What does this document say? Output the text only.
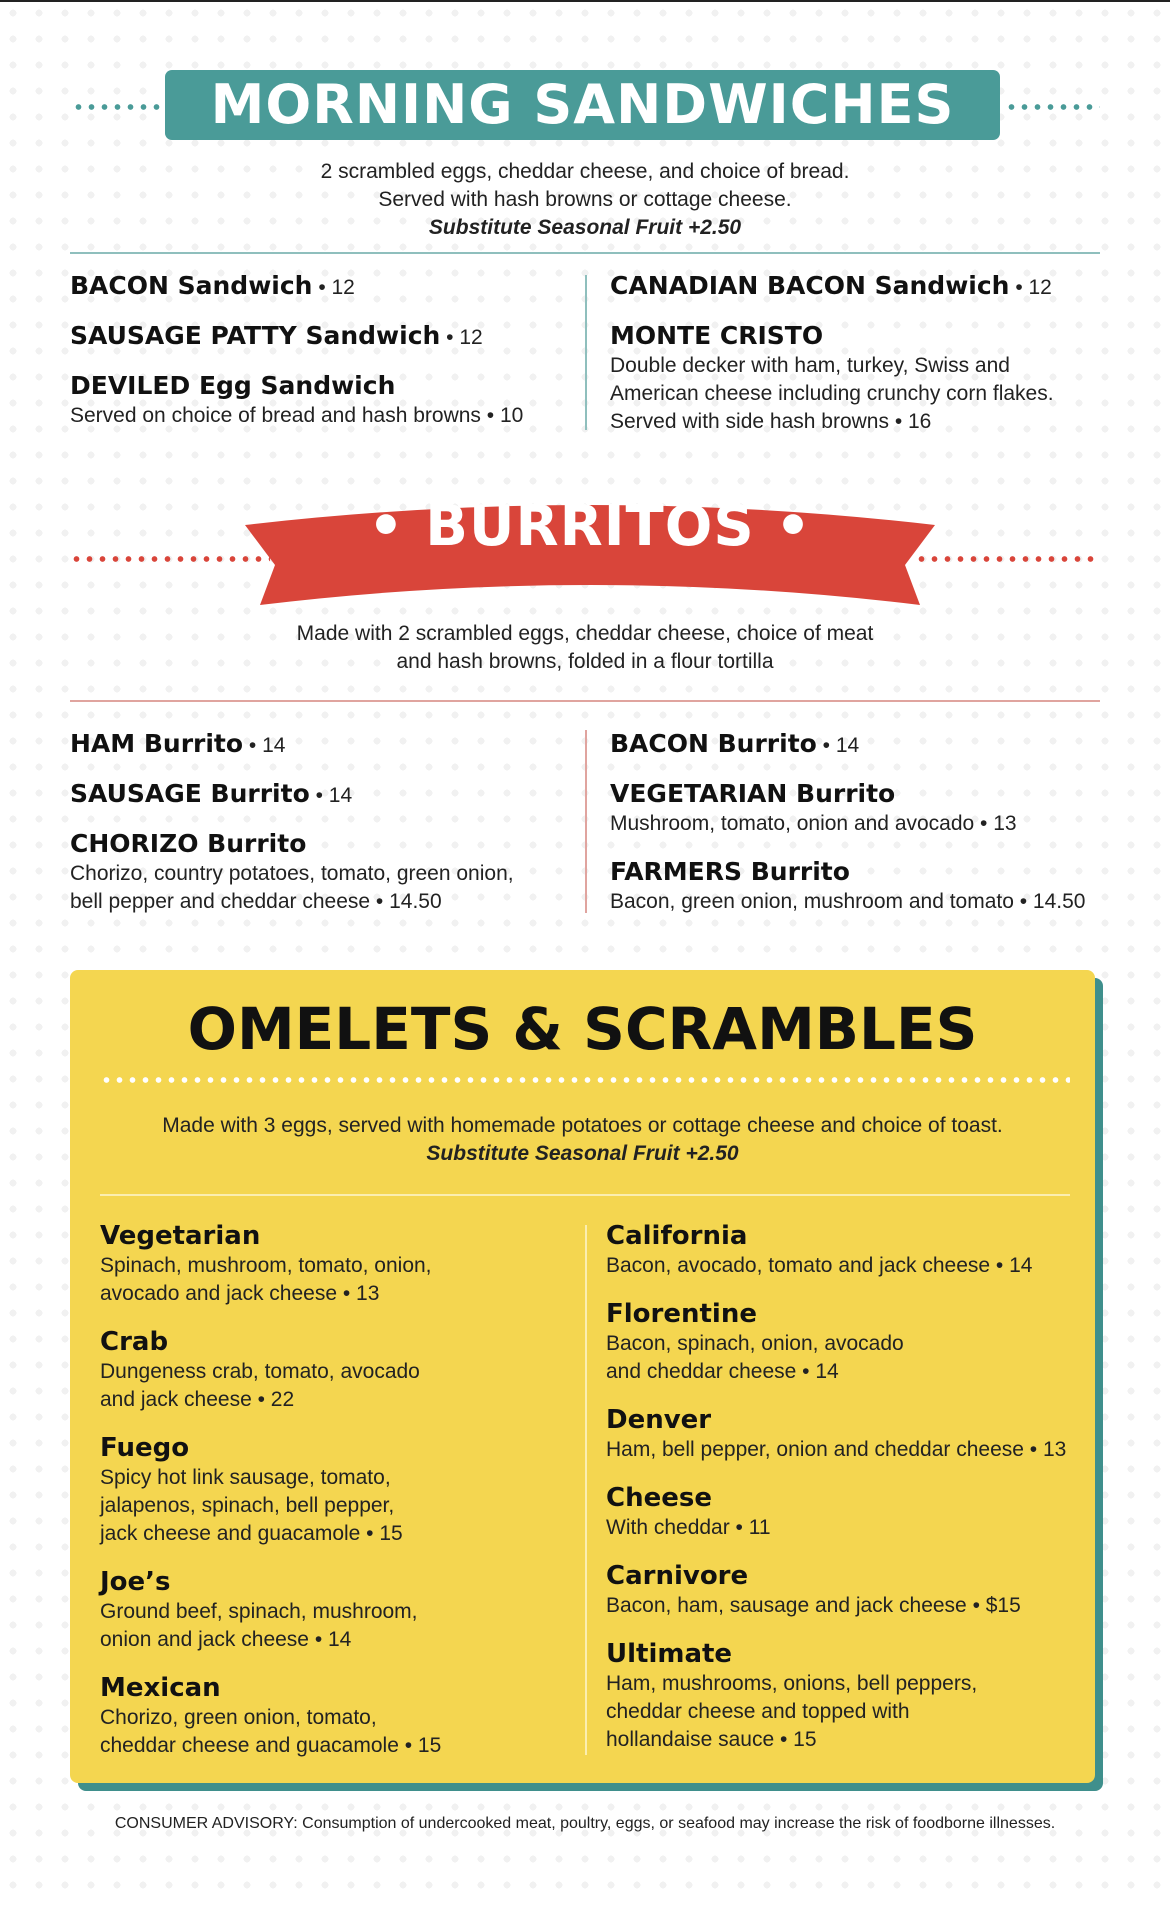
MORNING SANDWICHES
2 scrambled eggs, cheddar cheese, and choice of bread.
Served with hash browns or cottage cheese.
Substitute Seasonal Fruit +2.50
BACON Sandwich • 12
SAUSAGE PATTY Sandwich • 12
DEVILED Egg Sandwich
Served on choice of bread and hash browns • 10
CANADIAN BACON Sandwich • 12
MONTE CRISTO
Double decker with ham, turkey, Swiss and
American cheese including crunchy corn flakes.
Served with side hash browns • 16
• BURRITOS •
Made with 2 scrambled eggs, cheddar cheese, choice of meat
and hash browns, folded in a flour tortilla
HAM Burrito • 14
SAUSAGE Burrito • 14
CHORIZO Burrito
Chorizo, country potatoes, tomato, green onion,
bell pepper and cheddar cheese • 14.50
BACON Burrito • 14
VEGETARIAN Burrito
Mushroom, tomato, onion and avocado • 13
FARMERS Burrito
Bacon, green onion, mushroom and tomato • 14.50
OMELETS & SCRAMBLES
Made with 3 eggs, served with homemade potatoes or cottage cheese and choice of toast.
Substitute Seasonal Fruit +2.50
Vegetarian
Spinach, mushroom, tomato, onion,
avocado and jack cheese • 13
Crab
Dungeness crab, tomato, avocado
and jack cheese • 22
Fuego
Spicy hot link sausage, tomato,
jalapenos, spinach, bell pepper,
jack cheese and guacamole • 15
Joe’s
Ground beef, spinach, mushroom,
onion and jack cheese • 14
Mexican
Chorizo, green onion, tomato,
cheddar cheese and guacamole • 15
California
Bacon, avocado, tomato and jack cheese • 14
Florentine
Bacon, spinach, onion, avocado
and cheddar cheese • 14
Denver
Ham, bell pepper, onion and cheddar cheese • 13
Cheese
With cheddar • 11
Carnivore
Bacon, ham, sausage and jack cheese • $15
Ultimate
Ham, mushrooms, onions, bell peppers,
cheddar cheese and topped with
hollandaise sauce • 15
CONSUMER ADVISORY: Consumption of undercooked meat, poultry, eggs, or seafood may increase the risk of foodborne illnesses.
